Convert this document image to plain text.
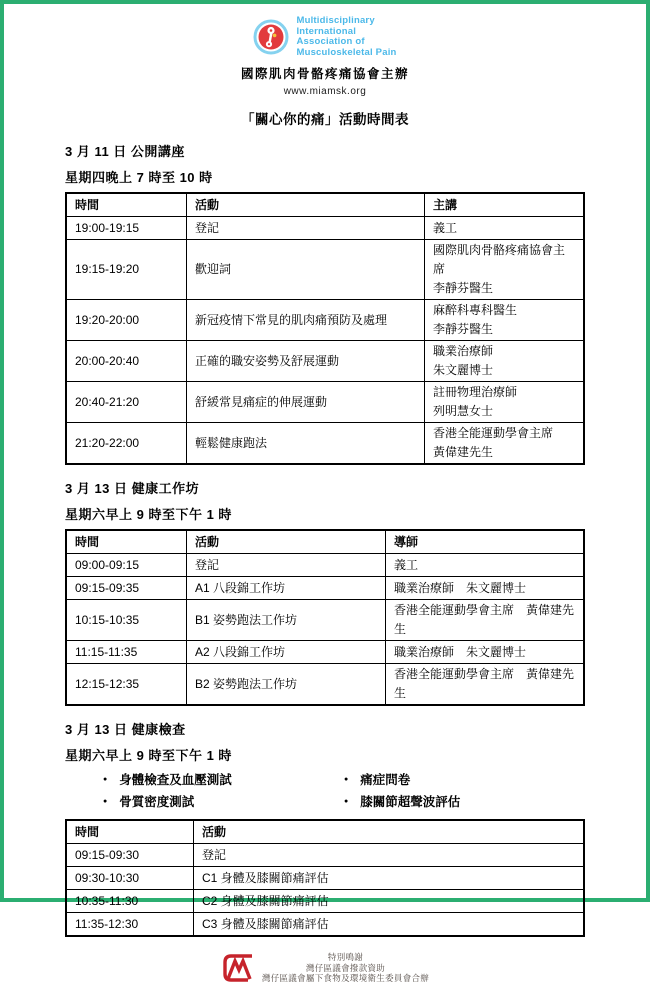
Multidisciplinary
International
Association of
Musculoskeletal Pain
國際肌肉骨骼疼痛協會主辦
www.miamsk.org
「關心你的痛」活動時間表
3 月 11 日 公開講座
星期四晚上 7 時至 10 時
時間	活動	主講

19:00-19:15	登記	義工

19:15-19:20	歡迎詞	國際肌肉骨骼疼痛協會主席
李靜芬醫生

19:20-20:00	新冠疫情下常見的肌肉痛預防及處理	麻醉科專科醫生
李靜芬醫生

20:00-20:40	正確的職安姿勢及舒展運動	職業治療師
朱文麗博士

20:40-21:20	舒緩常見痛症的伸展運動	註冊物理治療師
列明慧女士

21:20-22:00	輕鬆健康跑法	香港全能運動學會主席
黃偉建先生
3 月 13 日 健康工作坊
星期六早上 9 時至下午 1 時
時間	活動	導師

09:00-09:15	登記	義工

09:15-09:35	A1 八段錦工作坊	職業治療師　朱文麗博士

10:15-10:35	B1 姿勢跑法工作坊	香港全能運動學會主席　黃偉建先生

11:15-11:35	A2 八段錦工作坊	職業治療師　朱文麗博士

12:15-12:35	B2 姿勢跑法工作坊	香港全能運動學會主席　黃偉建先生
3 月 13 日 健康檢查
星期六早上 9 時至下午 1 時
● 身體檢查及血壓測試
● 骨質密度測試
● 痛症問卷
● 膝關節超聲波評估
時間	活動

09:15-09:30	登記

09:30-10:30	C1 身體及膝關節痛評估

10:35-11:30	C2 身體及膝關節痛評估

11:35-12:30	C3 身體及膝關節痛評估
特別鳴謝
灣仔區議會撥款資助
灣仔區議會屬下食物及環境衛生委員會合辦
